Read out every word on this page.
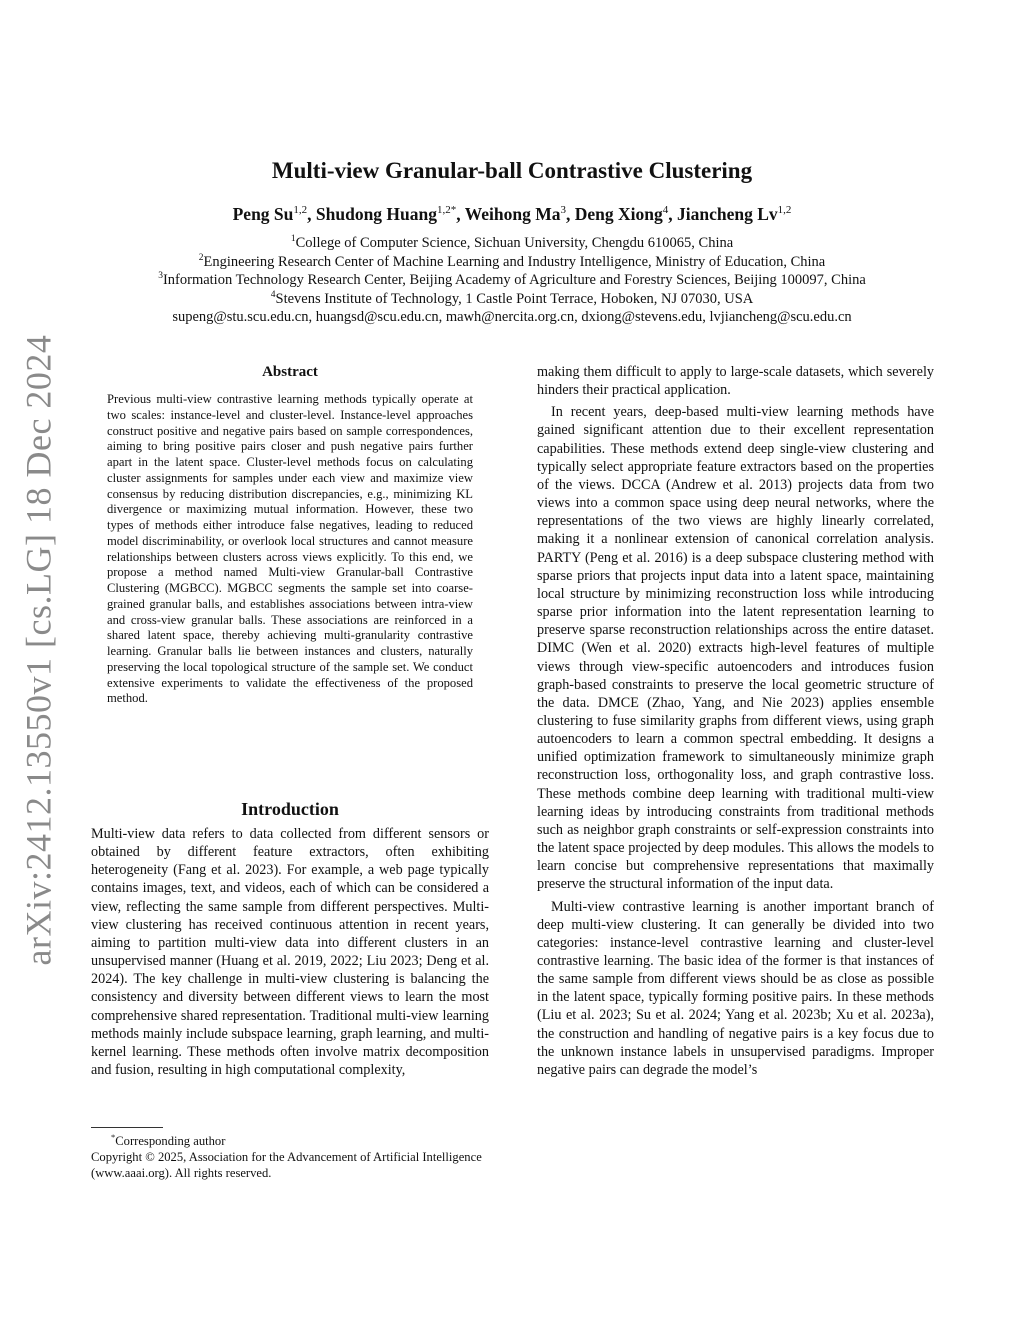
arXiv:2412.13550v1 [cs.LG] 18 Dec 2024
Multi-view Granular-ball Contrastive Clustering
Peng Su$^{1,2}$, Shudong Huang$^{1,2*}$, Weihong Ma$^3$, Deng Xiong$^4$, Jiancheng Lv$^{1,2}$
$^1$College of Computer Science, Sichuan University, Chengdu 610065, China
$^2$Engineering Research Center of Machine Learning and Industry Intelligence, Ministry of Education, China
$^3$Information Technology Research Center, Beijing Academy of Agriculture and Forestry Sciences, Beijing 100097, China
$^4$Stevens Institute of Technology, 1 Castle Point Terrace, Hoboken, NJ 07030, USA
supeng@stu.scu.edu.cn, huangsd@scu.edu.cn, mawh@nercita.org.cn, dxiong@stevens.edu, lvjiancheng@scu.edu.cn
Abstract
Previous multi-view contrastive learning methods typically operate at two scales: instance-level and cluster-level. Instance-level approaches construct positive and negative pairs based on sample correspondences, aiming to bring positive pairs closer and push negative pairs further apart in the latent space. Cluster-level methods focus on calculating cluster assignments for samples under each view and maximize view consensus by reducing distribution discrepancies, e.g., minimizing KL divergence or maximizing mutual information. However, these two types of methods either introduce false negatives, leading to reduced model discriminability, or overlook local structures and cannot measure relationships between clusters across views explicitly. To this end, we propose a method named Multi-view Granular-ball Contrastive Clustering (MGBCC). MGBCC segments the sample set into coarse-grained granular balls, and establishes associations between intra-view and cross-view granular balls. These associations are reinforced in a shared latent space, thereby achieving multi-granularity contrastive learning. Granular balls lie between instances and clusters, naturally preserving the local topological structure of the sample set. We conduct extensive experiments to validate the effectiveness of the proposed method.
Introduction

Multi-view data refers to data collected from different sensors or obtained by different feature extractors, often exhibiting heterogeneity (Fang et al. 2023). For example, a web page typically contains images, text, and videos, each of which can be considered a view, reflecting the same sample from different perspectives. Multi-view clustering has received continuous attention in recent years, aiming to partition multi-view data into different clusters in an unsupervised manner (Huang et al. 2019, 2022; Liu 2023; Deng et al. 2024). The key challenge in multi-view clustering is balancing the consistency and diversity between different views to learn the most comprehensive shared representation. Traditional multi-view learning methods mainly include subspace learning, graph learning, and multi-kernel learning. These methods often involve matrix decomposition and fusion, resulting in high computational complexity,

making them difficult to apply to large-scale datasets, which severely hinders their practical application.

In recent years, deep-based multi-view learning methods have gained significant attention due to their excellent representation capabilities. These methods extend deep single-view clustering and typically select appropriate feature extractors based on the properties of the views. DCCA (Andrew et al. 2013) projects data from two views into a common space using deep neural networks, where the representations of the two views are highly linearly correlated, making it a nonlinear extension of canonical correlation analysis. PARTY (Peng et al. 2016) is a deep subspace clustering method with sparse priors that projects input data into a latent space, maintaining local structure by minimizing reconstruction loss while introducing sparse prior information into the latent representation learning to preserve sparse reconstruction relationships across the entire dataset. DIMC (Wen et al. 2020) extracts high-level features of multiple views through view-specific autoencoders and introduces fusion graph-based constraints to preserve the local geometric structure of the data. DMCE (Zhao, Yang, and Nie 2023) applies ensemble clustering to fuse similarity graphs from different views, using graph autoencoders to learn a common spectral embedding. It designs a unified optimization framework to simultaneously minimize graph reconstruction loss, orthogonality loss, and graph contrastive loss. These methods combine deep learning with traditional multi-view learning ideas by introducing constraints from traditional methods such as neighbor graph constraints or self-expression constraints into the latent space projected by deep modules. This allows the models to learn concise but comprehensive representations that maximally preserve the structural information of the input data.

Multi-view contrastive learning is another important branch of deep multi-view clustering. It can generally be divided into two categories: instance-level contrastive learning and cluster-level contrastive learning. The basic idea of the former is that instances of the same sample from different views should be as close as possible in the latent space, typically forming positive pairs. In these methods (Liu et al. 2023; Su et al. 2024; Yang et al. 2023b; Xu et al. 2023a), the construction and handling of negative pairs is a key focus due to the unknown instance labels in unsupervised paradigms. Improper negative pairs can degrade the model’s

*Corresponding author
Copyright © 2025, Association for the Advancement of Artificial Intelligence (www.aaai.org). All rights reserved.
